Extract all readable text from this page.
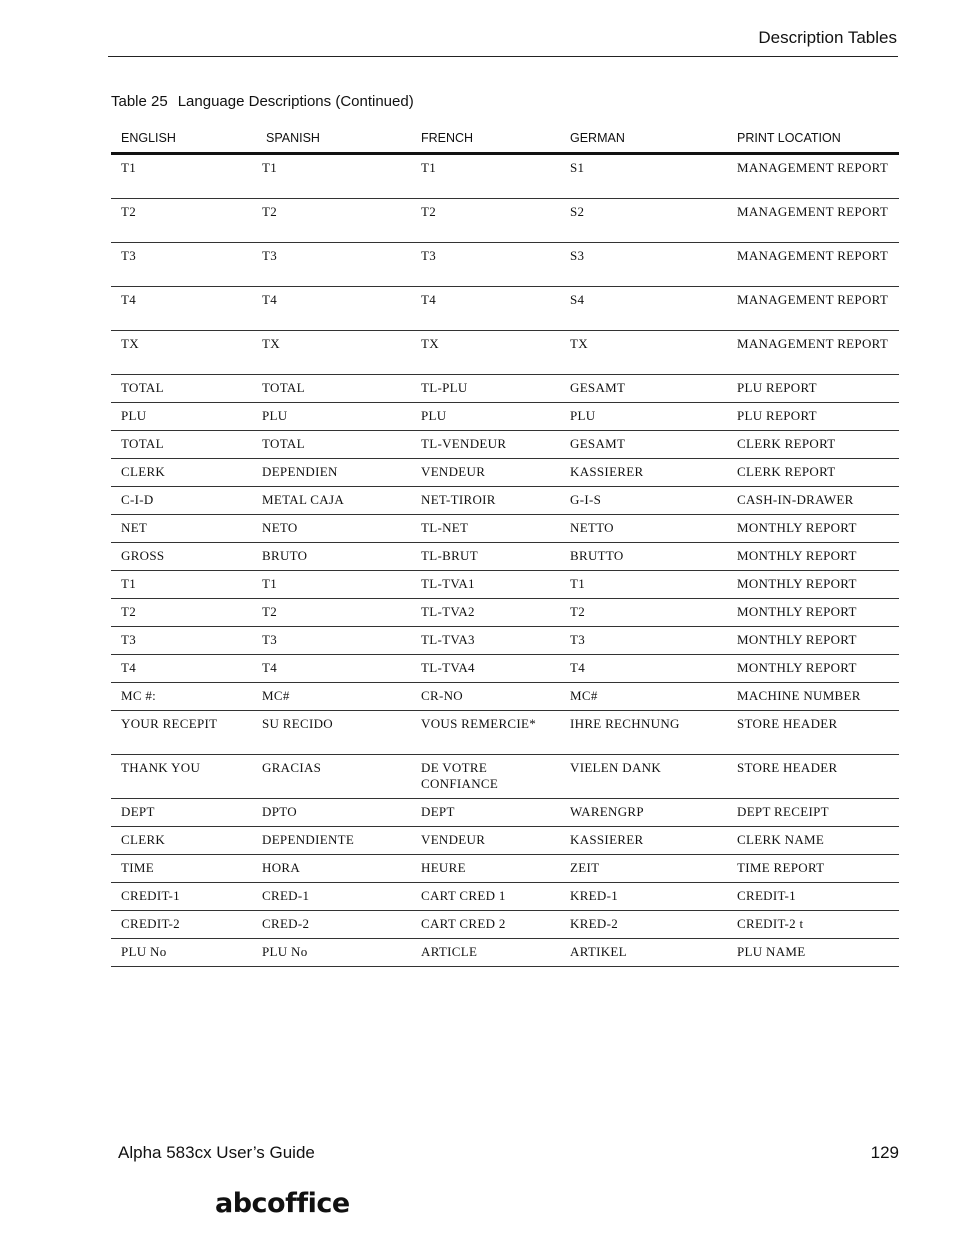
Description Tables
Table 25 Language Descriptions (Continued)
ENGLISH	SPANISH	FRENCH	GERMAN	PRINT LOCATION
T1	T1	T1	S1	MANAGEMENT REPORT
T2	T2	T2	S2	MANAGEMENT REPORT
T3	T3	T3	S3	MANAGEMENT REPORT
T4	T4	T4	S4	MANAGEMENT REPORT
TX	TX	TX	TX	MANAGEMENT REPORT
TOTAL	TOTAL	TL-PLU	GESAMT	PLU REPORT
PLU	PLU	PLU	PLU	PLU REPORT
TOTAL	TOTAL	TL-VENDEUR	GESAMT	CLERK REPORT
CLERK	DEPENDIEN	VENDEUR	KASSIERER	CLERK REPORT
C-I-D	METAL CAJA	NET-TIROIR	G-I-S	CASH-IN-DRAWER
NET	NETO	TL-NET	NETTO	MONTHLY REPORT
GROSS	BRUTO	TL-BRUT	BRUTTO	MONTHLY REPORT
T1	T1	TL-TVA1	T1	MONTHLY REPORT
T2	T2	TL-TVA2	T2	MONTHLY REPORT
T3	T3	TL-TVA3	T3	MONTHLY REPORT
T4	T4	TL-TVA4	T4	MONTHLY REPORT
MC #:	MC#	CR-NO	MC#	MACHINE NUMBER
YOUR RECEPIT	SU RECIDO	VOUS REMERCIE*	IHRE RECHNUNG	STORE HEADER
THANK YOU	GRACIAS	DE VOTRE CONFIANCE	VIELEN DANK	STORE HEADER
DEPT	DPTO	DEPT	WARENGRP	DEPT RECEIPT
CLERK	DEPENDIENTE	VENDEUR	KASSIERER	CLERK NAME
TIME	HORA	HEURE	ZEIT	TIME REPORT
CREDIT-1	CRED-1	CART CRED 1	KRED-1	CREDIT-1
CREDIT-2	CRED-2	CART CRED 2	KRED-2	CREDIT-2 t
PLU No	PLU No	ARTICLE	ARTIKEL	PLU NAME
Alpha 583cx User’s Guide	129
abcoffice
